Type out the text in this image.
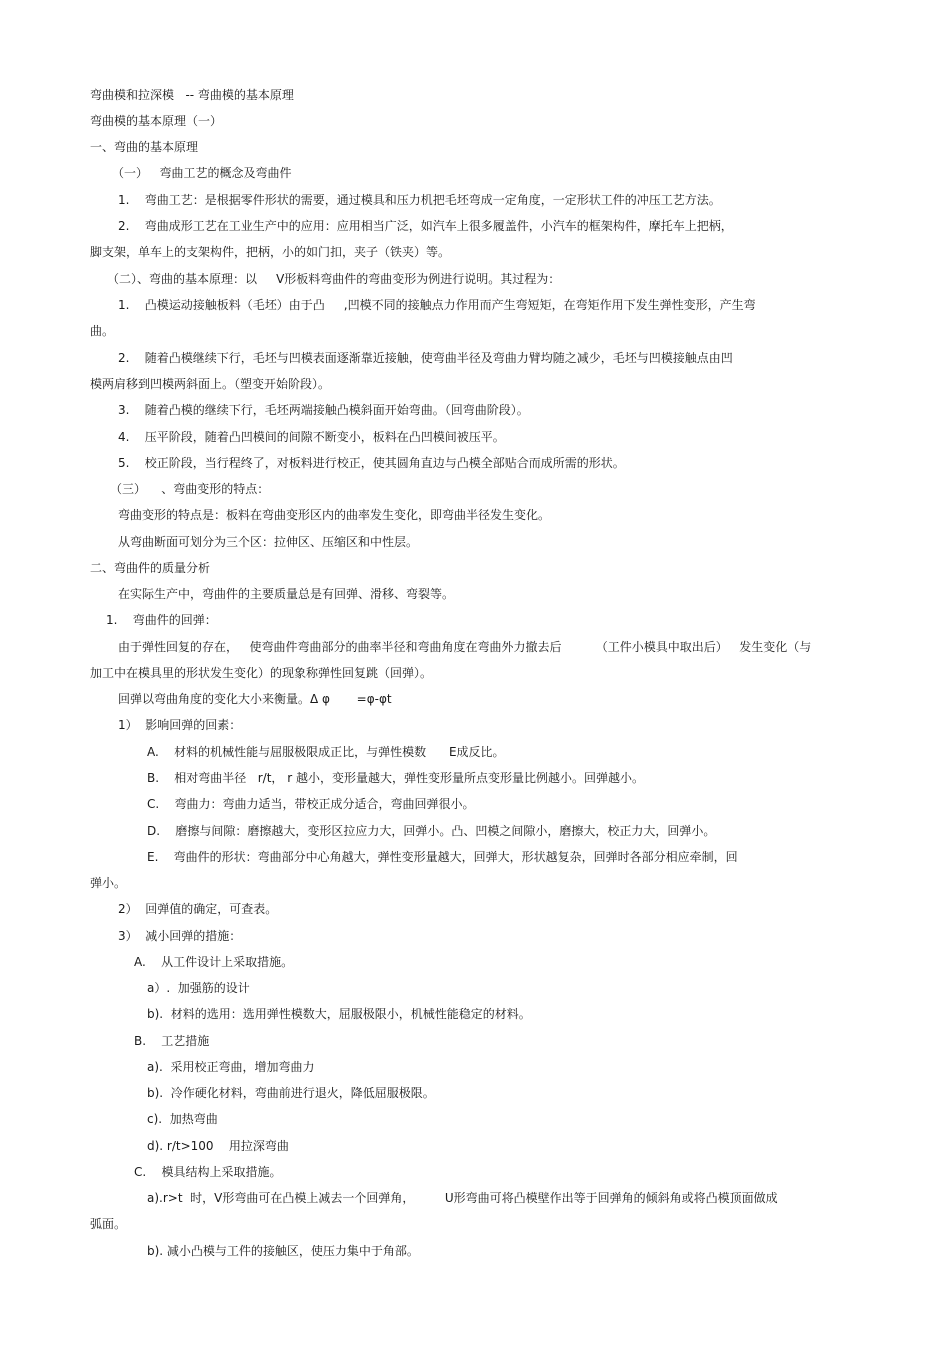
弯曲模和拉深模   -- 弯曲模的基本原理
弯曲模的基本原理（一）
一、弯曲的基本原理
（一）   弯曲工艺的概念及弯曲件
1.    弯曲工艺：是根据零件形状的需要，通过模具和压力机把毛坯弯成一定角度，一定形状工件的冲压工艺方法。
2.    弯曲成形工艺在工业生产中的应用：应用相当广泛，如汽车上很多履盖件，小汽车的框架构件，摩托车上把柄，
脚支架，单车上的支架构件，把柄，小的如门扣，夹子（铁夹）等。
（二）、弯曲的基本原理：以     V形板料弯曲件的弯曲变形为例进行说明。其过程为：
1.    凸模运动接触板料（毛坯）由于凸     ,凹模不同的接触点力作用而产生弯短矩，在弯矩作用下发生弹性变形，产生弯
曲。
2.    随着凸模继续下行，毛坯与凹模表面逐渐靠近接触，使弯曲半径及弯曲力臂均随之减少，毛坯与凹模接触点由凹
模两肩移到凹模两斜面上。（塑变开始阶段）。
3.    随着凸模的继续下行，毛坯两端接触凸模斜面开始弯曲。（回弯曲阶段）。
4.    压平阶段，随着凸凹模间的间隙不断变小，板料在凸凹模间被压平。
5.    校正阶段，当行程终了，对板料进行校正，使其圆角直边与凸模全部贴合而成所需的形状。
（三）    、弯曲变形的特点：
弯曲变形的特点是：板料在弯曲变形区内的曲率发生变化，即弯曲半径发生变化。
从弯曲断面可划分为三个区：拉伸区、压缩区和中性层。
二、弯曲件的质量分析
在实际生产中，弯曲件的主要质量总是有回弹、滑移、弯裂等。
1.    弯曲件的回弹：
由于弹性回复的存在，   使弯曲件弯曲部分的曲率半径和弯曲角度在弯曲外力撤去后         （工件小模具中取出后）   发生变化（与
加工中在模具里的形状发生变化）的现象称弹性回复跳（回弹）。
回弹以弯曲角度的变化大小来衡量。Δ φ       =φ-φt
1）  影响回弹的回素：
A.    材料的机械性能与屈服极限成正比，与弹性模数      E成反比。
B.    相对弯曲半径   r/t， r 越小，变形量越大，弹性变形量所点变形量比例越小。回弹越小。
C.    弯曲力：弯曲力适当，带校正成分适合，弯曲回弹很小。
D.    磨擦与间隙：磨擦越大，变形区拉应力大，回弹小。凸、凹模之间隙小，磨擦大，校正力大，回弹小。
E.    弯曲件的形状：弯曲部分中心角越大，弹性变形量越大，回弹大，形状越复杂，回弹时各部分相应牵制，回
弹小。
2）  回弹值的确定，可查表。
3）  减小回弹的措施：
A.    从工件设计上采取措施。
a）.  加强筋的设计
b).  材料的选用：选用弹性模数大，屈服极限小，机械性能稳定的材料。
B.    工艺措施
a).  采用校正弯曲，增加弯曲力
b).  冷作硬化材料，弯曲前进行退火，降低屈服极限。
c).  加热弯曲
d). r/t>100    用拉深弯曲
C.    模具结构上采取措施。
a).r>t  时，V形弯曲可在凸模上减去一个回弹角，        U形弯曲可将凸模壁作出等于回弹角的倾斜角或将凸模顶面做成
弧面。
b). 减小凸模与工件的接触区，使压力集中于角部。
